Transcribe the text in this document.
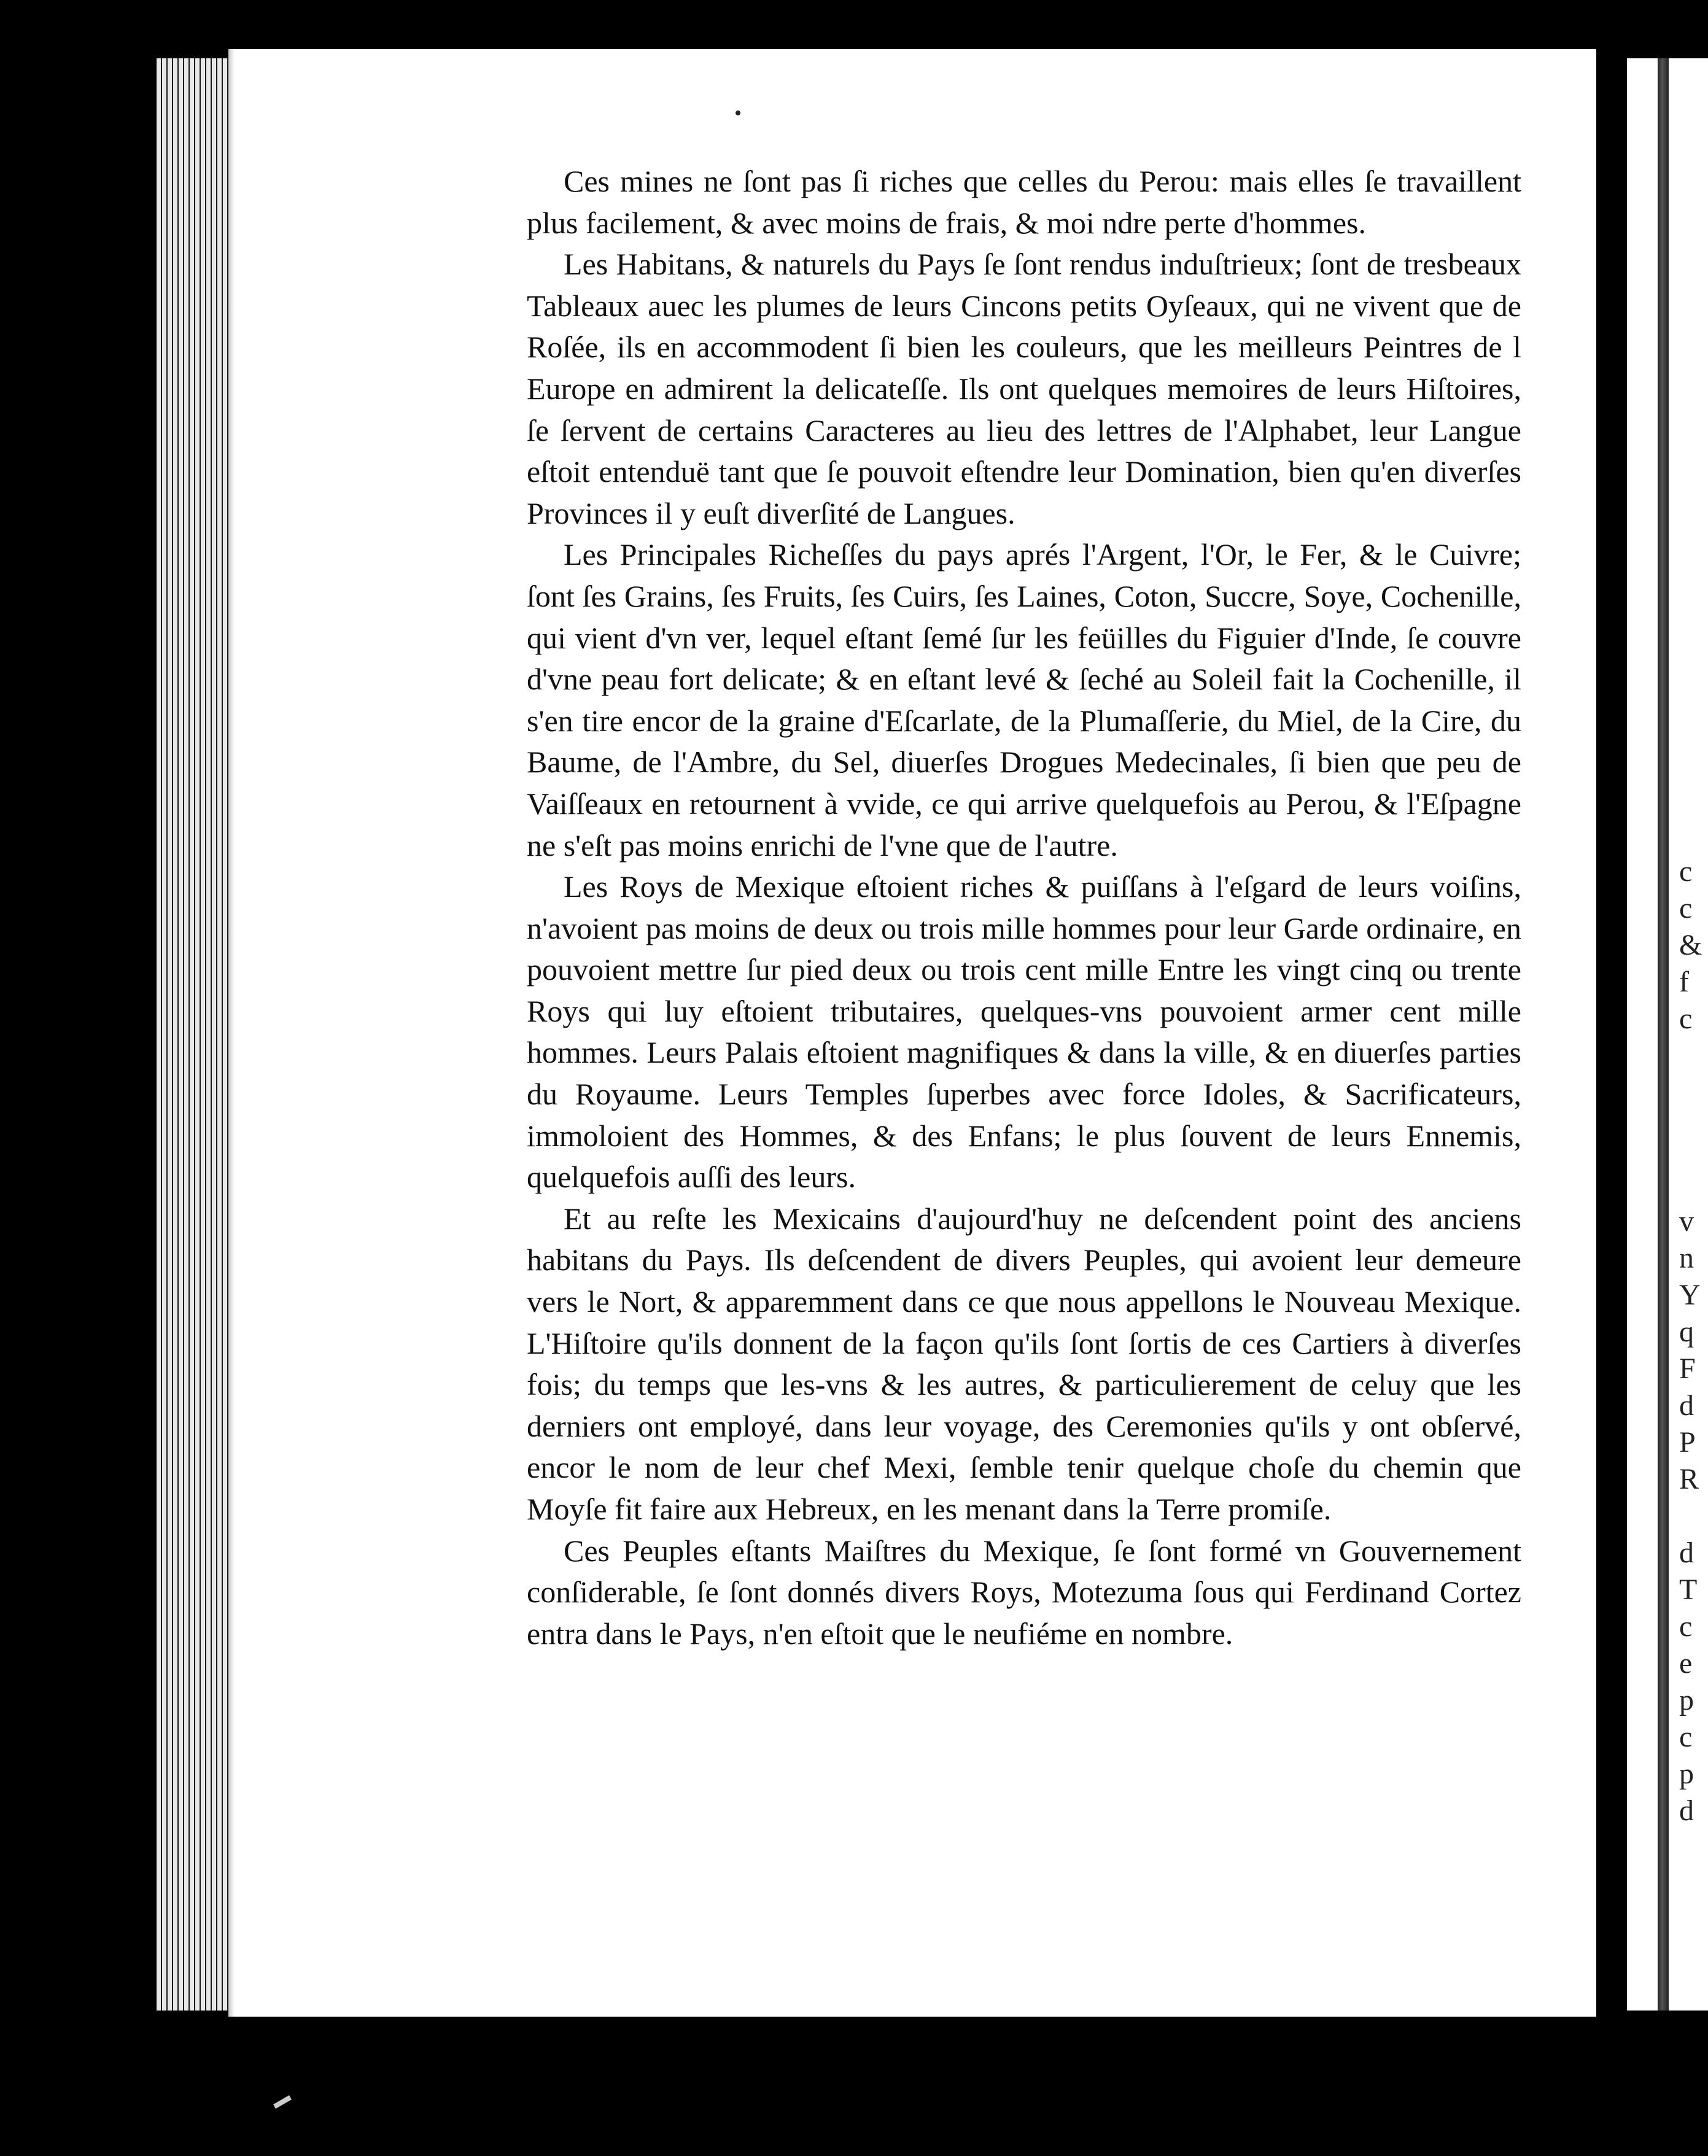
Ces mines ne ſont pas ſi riches que celles du Perou: mais elles ſe travaillent plus facilement, & avec moins de frais, & moi ndre perte d'hommes.

Les Habitans, & naturels du Pays ſe ſont rendus induſtrieux; ſont de tresbeaux Tableaux auec les plumes de leurs Cincons petits Oyſeaux, qui ne vivent que de Roſée, ils en accommodent ſi bien les couleurs, que les meilleurs Peintres de l Europe en admirent la delicateſſe. Ils ont quelques memoires de leurs Hiſtoires, ſe ſervent de certains Caracteres au lieu des lettres de l'Alphabet, leur Langue eſtoit entenduë tant que ſe pouvoit eſtendre leur Domination, bien qu'en diverſes Provinces il y euſt diverſité de Langues.

Les Principales Richeſſes du pays aprés l'Argent, l'Or, le Fer, & le Cuivre; ſont ſes Grains, ſes Fruits, ſes Cuirs, ſes Laines, Coton, Succre, Soye, Cochenille, qui vient d'vn ver, lequel eſtant ſemé ſur les feüilles du Figuier d'Inde, ſe couvre d'vne peau fort delicate; & en eſtant levé & ſeché au Soleil fait la Cochenille, il s'en tire encor de la graine d'Eſcarlate, de la Plumaſſerie, du Miel, de la Cire, du Baume, de l'Ambre, du Sel, diuerſes Drogues Medecinales, ſi bien que peu de Vaiſſeaux en retournent à vvide, ce qui arrive quelquefois au Perou, & l'Eſpagne ne s'eſt pas moins enrichi de l'vne que de l'autre.

Les Roys de Mexique eſtoient riches & puiſſans à l'eſgard de leurs voiſins, n'avoient pas moins de deux ou trois mille hommes pour leur Garde ordinaire, en pouvoient mettre ſur pied deux ou trois cent mille Entre les vingt cinq ou trente Roys qui luy eſtoient tributaires, quelques-vns pouvoient armer cent mille hommes. Leurs Palais eſtoient magnifiques & dans la ville, & en diuerſes parties du Royaume. Leurs Temples ſuperbes avec force Idoles, & Sacrificateurs, immoloient des Hommes, & des Enfans; le plus ſouvent de leurs Ennemis, quelquefois auſſi des leurs.

Et au reſte les Mexicains d'aujourd'huy ne deſcendent point des anciens habitans du Pays. Ils deſcendent de divers Peuples, qui avoient leur demeure vers le Nort, & apparemment dans ce que nous appellons le Nouveau Mexique. L'Hiſtoire qu'ils donnent de la façon qu'ils ſont ſortis de ces Cartiers à diverſes fois; du temps que les-vns & les autres, & particulierement de celuy que les derniers ont employé, dans leur voyage, des Ceremonies qu'ils y ont obſervé, encor le nom de leur chef Mexi, ſemble tenir quelque choſe du chemin que Moyſe fit faire aux Hebreux, en les menant dans la Terre promiſe.

Ces Peuples eſtants Maiſtres du Mexique, ſe ſont formé vn Gouvernement conſiderable, ſe ſont donnés divers Roys, Motezuma ſous qui Ferdinand Cortez entra dans le Pays, n'en eſtoit que le neufiéme en nombre.

c
c
&
f
c
v
n
Y
q
F
d
P
R
d
T
c
e
p
c
p
d
